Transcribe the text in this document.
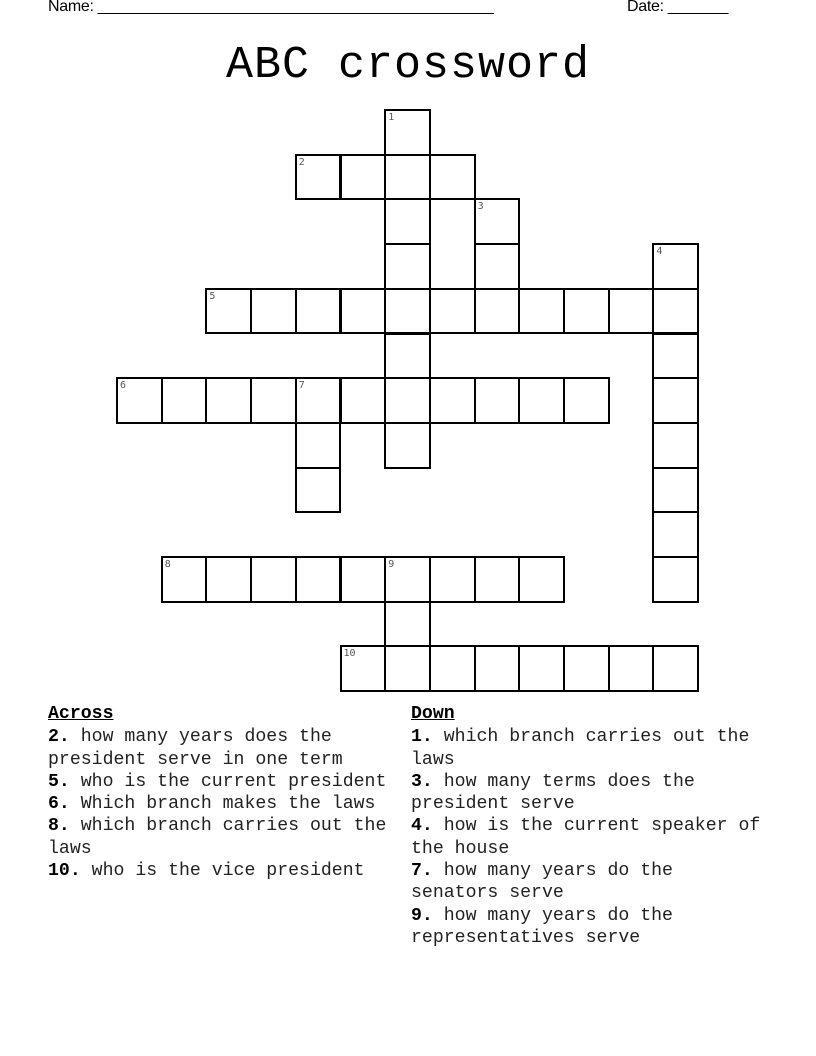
Name: ______________________________________________	Date: _______
ABC crossword
1
2
3
4
5
6	7
8	9
10
Across
2. how many years does the president serve in one term
5. who is the current president
6. Which branch makes the laws
8. which branch carries out the laws
10. who is the vice president
Down
1. which branch carries out the laws
3. how many terms does the president serve
4. how is the current speaker of the house
7. how many years do the senators serve
9. how many years do the representatives serve
